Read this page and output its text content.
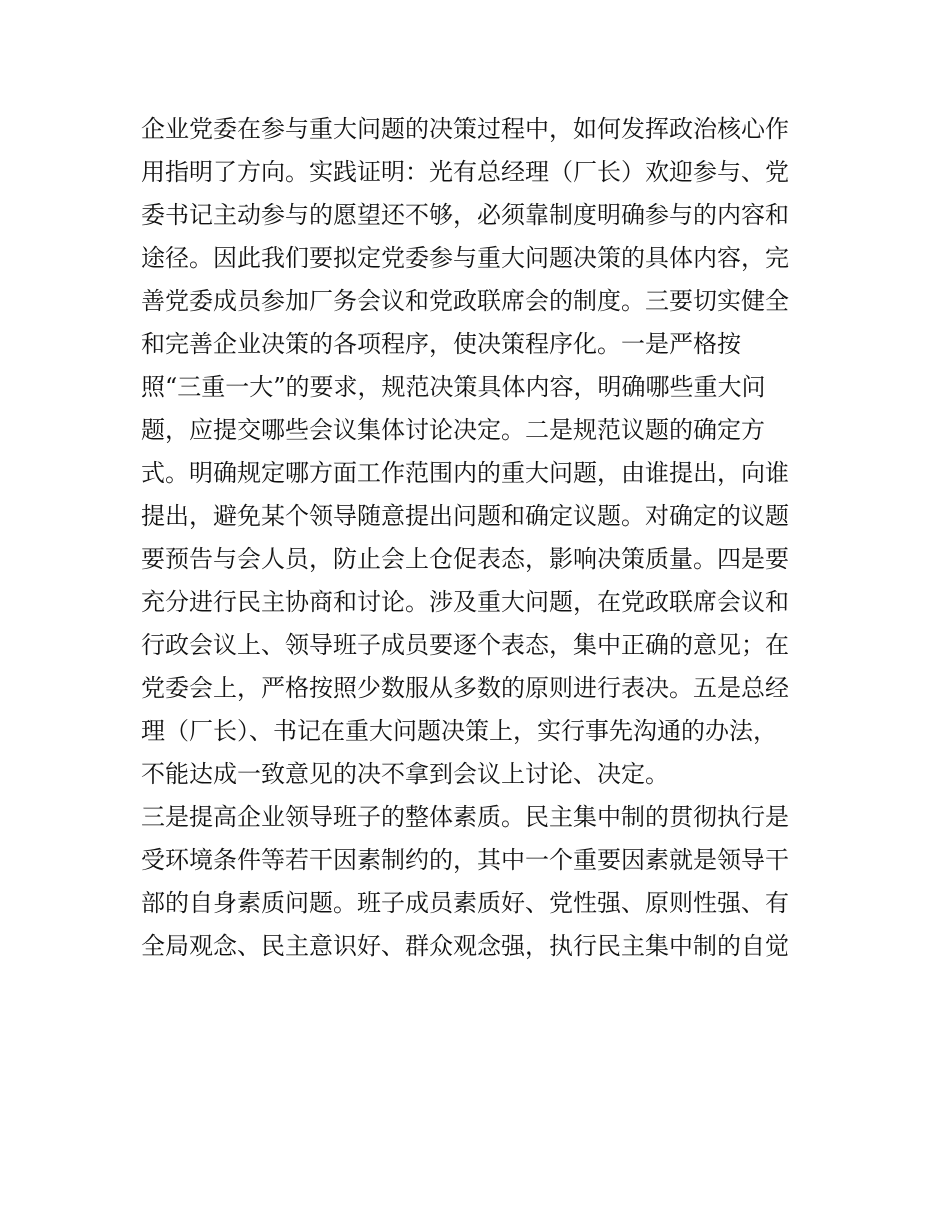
企业党委在参与重大问题的决策过程中，如何发挥政治核心作
用指明了方向。实践证明：光有总经理（厂长）欢迎参与、党
委书记主动参与的愿望还不够，必须靠制度明确参与的内容和
途径。因此我们要拟定党委参与重大问题决策的具体内容，完
善党委成员参加厂务会议和党政联席会的制度。三要切实健全
和完善企业决策的各项程序，使决策程序化。一是严格按
照“三重一大”的要求，规范决策具体内容，明确哪些重大问
题，应提交哪些会议集体讨论决定。二是规范议题的确定方
式。明确规定哪方面工作范围内的重大问题，由谁提出，向谁
提出，避免某个领导随意提出问题和确定议题。对确定的议题
要预告与会人员，防止会上仓促表态，影响决策质量。四是要
充分进行民主协商和讨论。涉及重大问题，在党政联席会议和
行政会议上、领导班子成员要逐个表态，集中正确的意见；在
党委会上，严格按照少数服从多数的原则进行表决。五是总经
理（厂长）、书记在重大问题决策上，实行事先沟通的办法，
不能达成一致意见的决不拿到会议上讨论、决定。
三是提高企业领导班子的整体素质。民主集中制的贯彻执行是
受环境条件等若干因素制约的，其中一个重要因素就是领导干
部的自身素质问题。班子成员素质好、党性强、原则性强、有
全局观念、民主意识好、群众观念强，执行民主集中制的自觉
